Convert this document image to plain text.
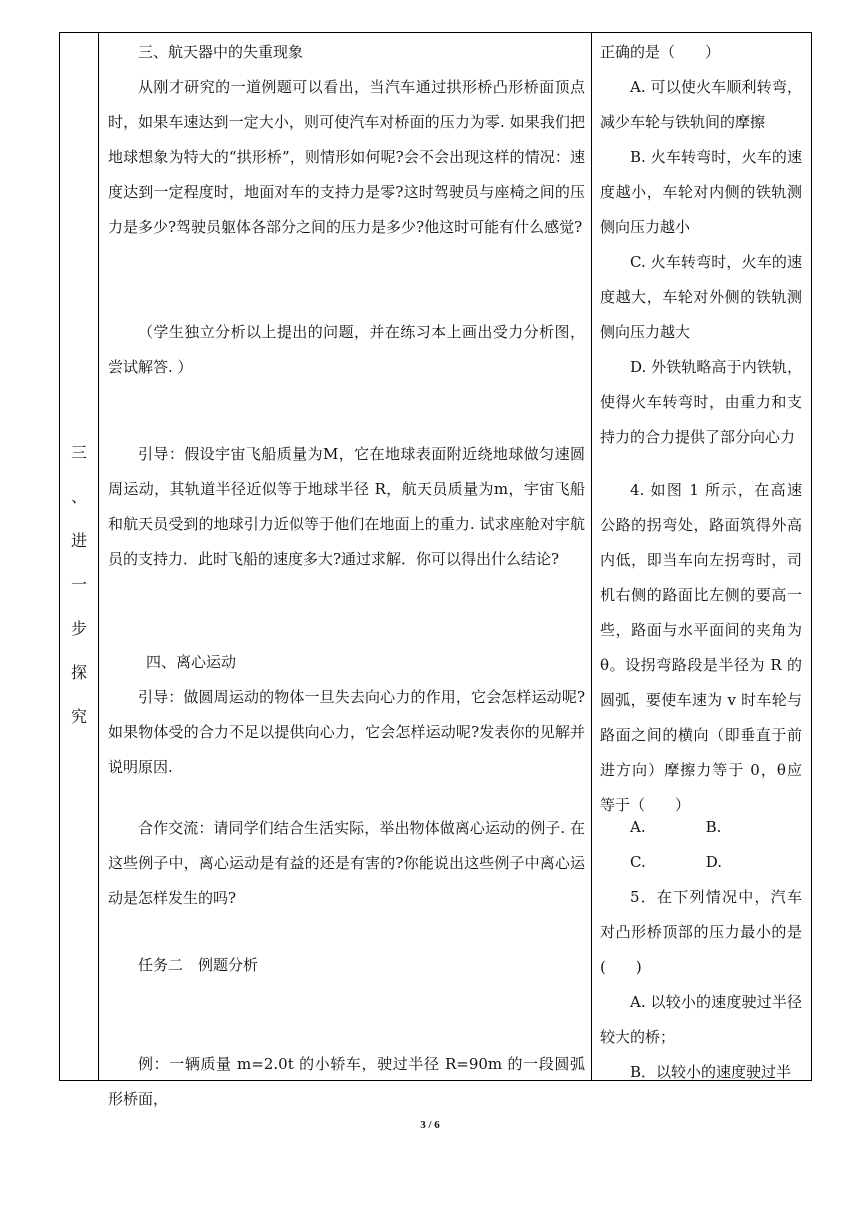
三
、
进
一
步
探
究

三、航天器中的失重现象

从刚才研究的一道例题可以看出，当汽车通过拱形桥凸形桥面顶点时，如果车速达到一定大小，则可使汽车对桥面的压力为零. 如果我们把地球想象为特大的“拱形桥”，则情形如何呢?会不会出现这样的情况：速度达到一定程度时，地面对车的支持力是零?这时驾驶员与座椅之间的压力是多少?驾驶员躯体各部分之间的压力是多少?他这时可能有什么感觉?

（学生独立分析以上提出的问题，并在练习本上画出受力分析图，尝试解答. ）

引导：假设宇宙飞船质量为M，它在地球表面附近绕地球做匀速圆周运动，其轨道半径近似等于地球半径 R，航天员质量为m，宇宙飞船和航天员受到的地球引力近似等于他们在地面上的重力. 试求座舱对宇航员的支持力．此时飞船的速度多大?通过求解．你可以得出什么结论?

四、离心运动

引导：做圆周运动的物体一旦失去向心力的作用，它会怎样运动呢?如果物体受的合力不足以提供向心力，它会怎样运动呢?发表你的见解并说明原因.

合作交流：请同学们结合生活实际，举出物体做离心运动的例子. 在这些例子中，离心运动是有益的还是有害的?你能说出这些例子中离心运动是怎样发生的吗?

任务二　例题分析

例：一辆质量 m=2.0t 的小轿车，驶过半径 R=90m 的一段圆弧形桥面，

正确的是（　　）

A. 可以使火车顺利转弯，减少车轮与铁轨间的摩擦

B. 火车转弯时，火车的速度越小，车轮对内侧的铁轨测侧向压力越小

C. 火车转弯时，火车的速度越大，车轮对外侧的铁轨测侧向压力越大

D. 外铁轨略高于内铁轨，使得火车转弯时，由重力和支持力的合力提供了部分向心力

4. 如图 1 所示，在高速公路的拐弯处，路面筑得外高内低，即当车向左拐弯时，司机右侧的路面比左侧的要高一些，路面与水平面间的夹角为θ。设拐弯路段是半径为 R 的圆弧，要使车速为 v 时车轮与路面之间的横向（即垂直于前进方向）摩擦力等于 0，θ应等于（　　）

A.　　　　B.

C.　　　　D.

5．在下列情况中，汽车对凸形桥顶部的压力最小的是(　　)

A. 以较小的速度驶过半径较大的桥；

B．以较小的速度驶过半

3 / 6
